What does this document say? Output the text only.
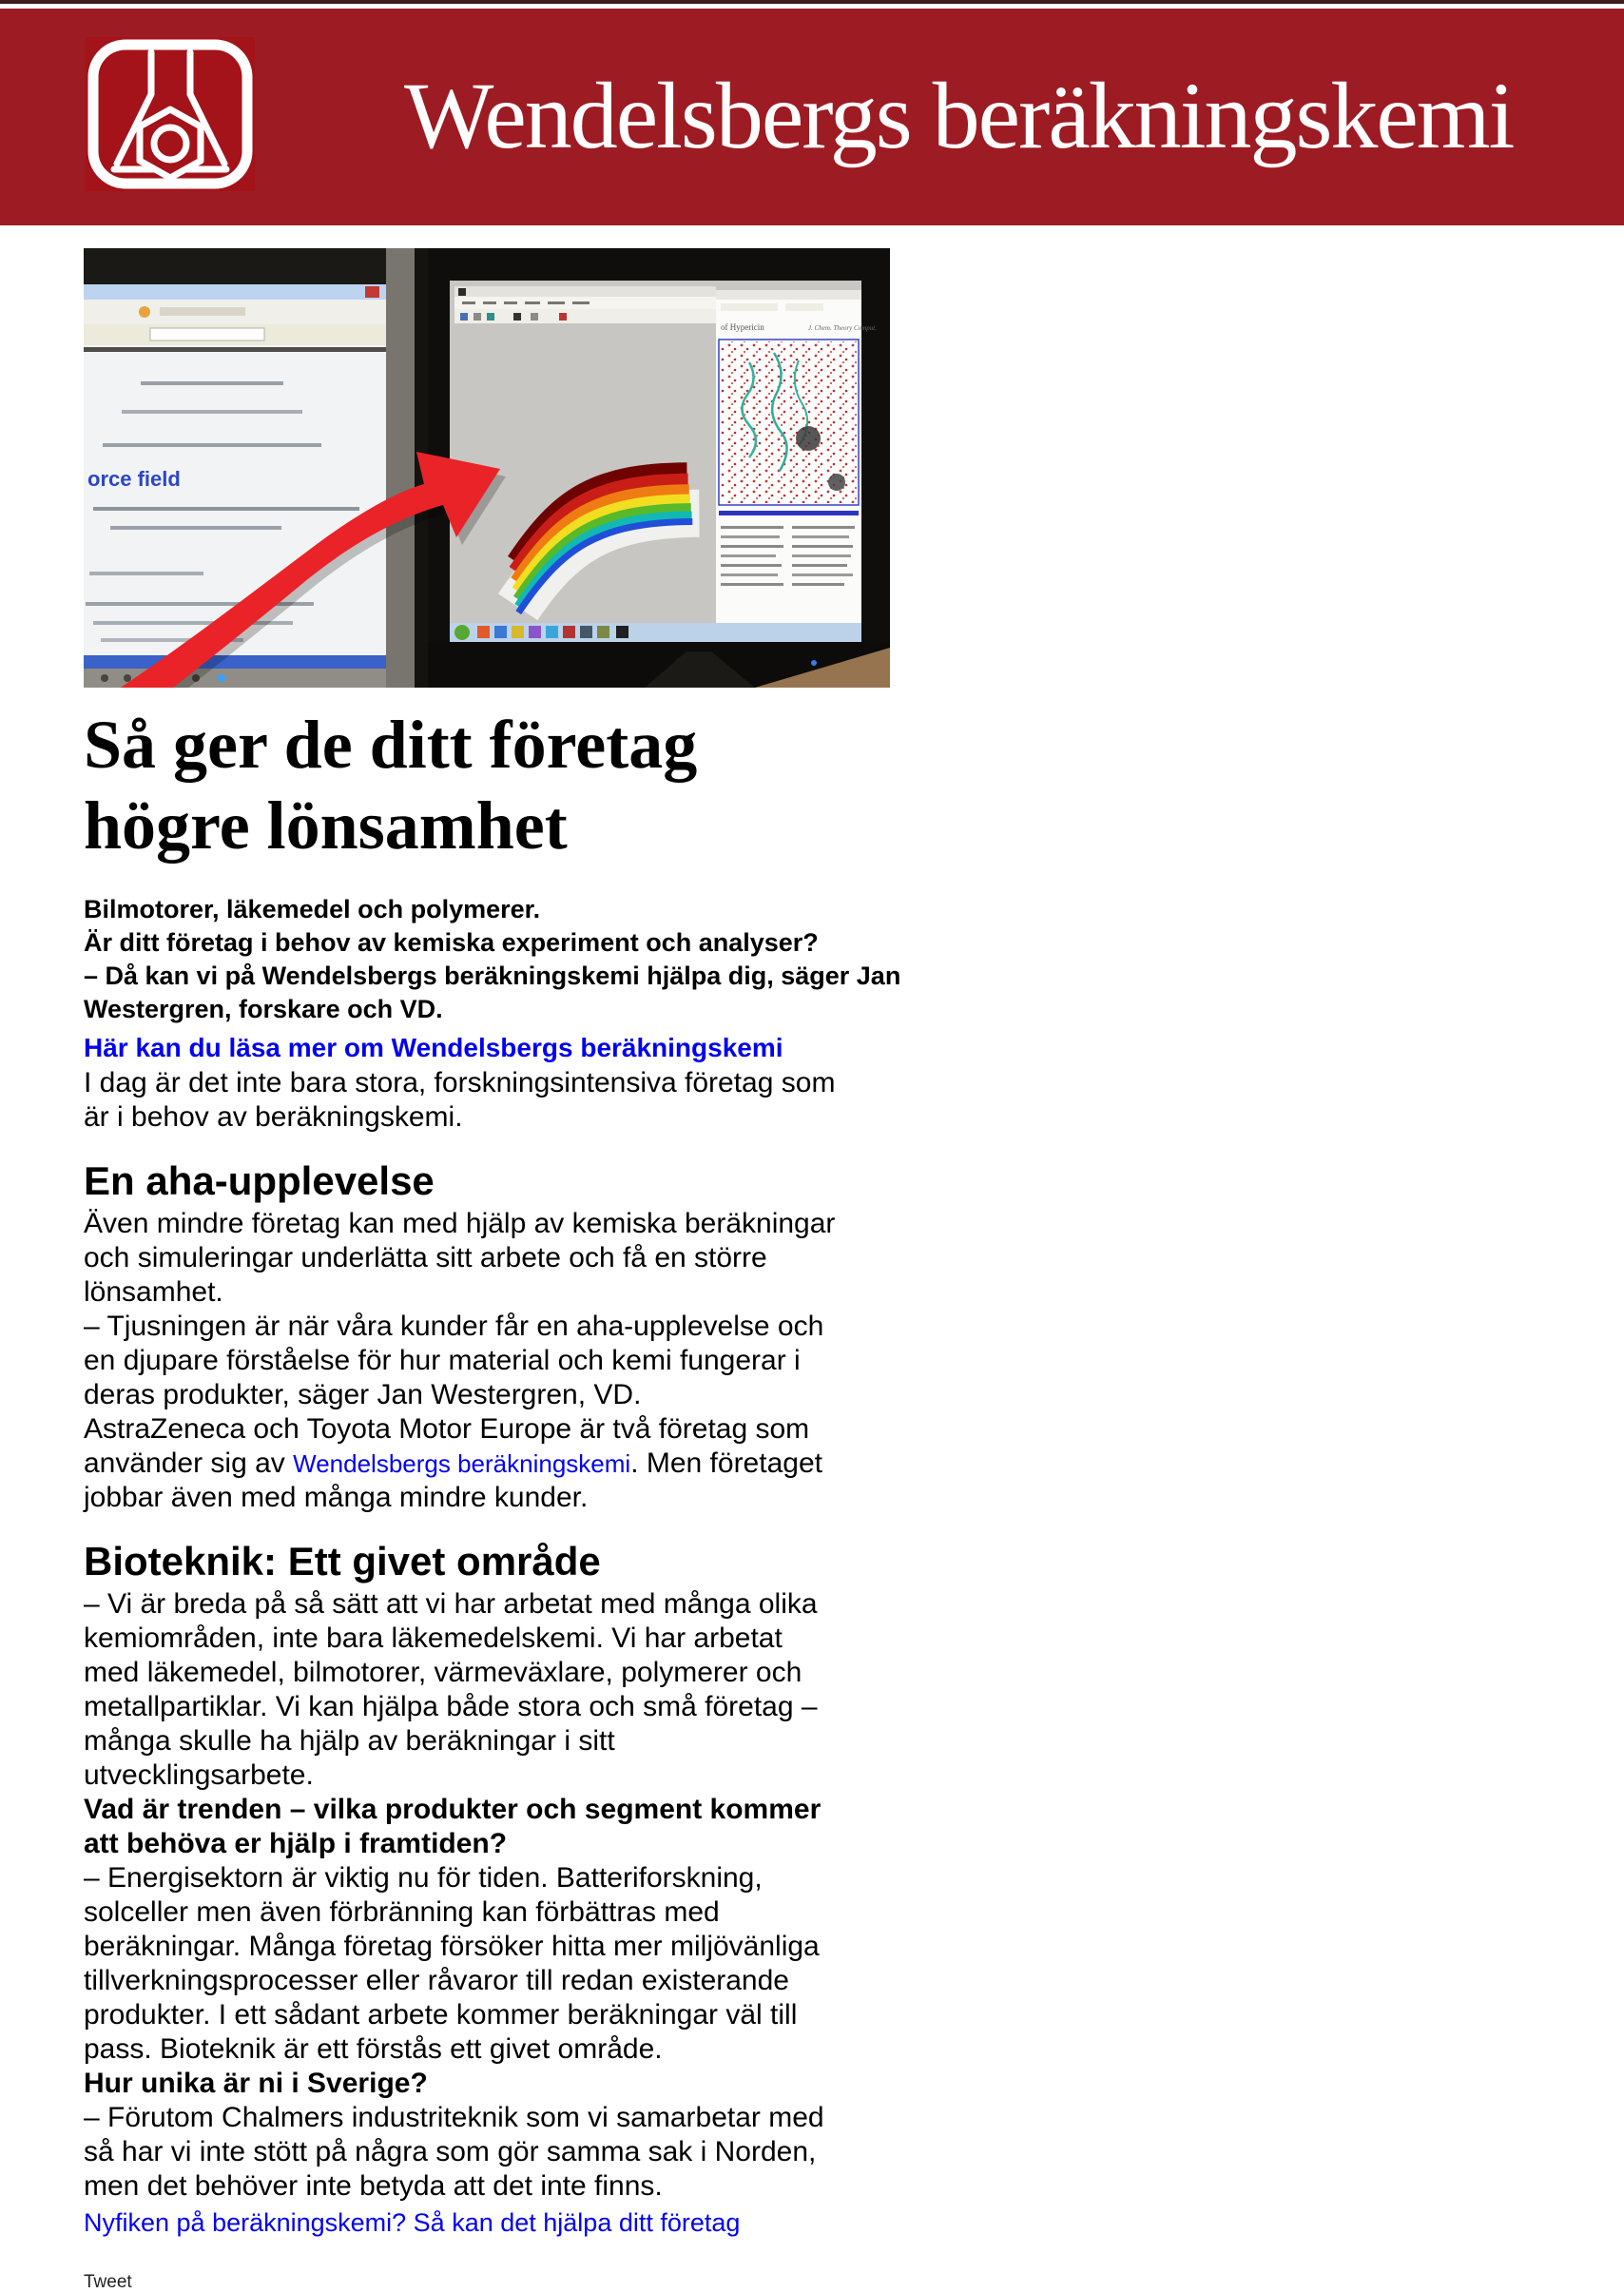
Wendelsbergs beräkningskemi
orce field
of Hypericin	J. Chem. Theory Comput.
Så ger de ditt företag
högre lönsamhet
Bilmotorer, läkemedel och polymerer.
Är ditt företag i behov av kemiska experiment och analyser?
– Då kan vi på Wendelsbergs beräkningskemi hjälpa dig, säger Jan
Westergren, forskare och VD.
Här kan du läsa mer om Wendelsbergs beräkningskemi
I dag är det inte bara stora, forskningsintensiva företag som
är i behov av beräkningskemi.
En aha-upplevelse
Även mindre företag kan med hjälp av kemiska beräkningar
och simuleringar underlätta sitt arbete och få en större
lönsamhet.
– Tjusningen är när våra kunder får en aha-upplevelse och
en djupare förståelse för hur material och kemi fungerar i
deras produkter, säger Jan Westergren, VD.
AstraZeneca och Toyota Motor Europe är två företag som
använder sig av Wendelsbergs beräkningskemi. Men företaget
jobbar även med många mindre kunder.
Bioteknik: Ett givet område
– Vi är breda på så sätt att vi har arbetat med många olika
kemiområden, inte bara läkemedelskemi. Vi har arbetat
med läkemedel, bilmotorer, värmeväxlare, polymerer och
metallpartiklar. Vi kan hjälpa både stora och små företag –
många skulle ha hjälp av beräkningar i sitt
utvecklingsarbete.
Vad är trenden – vilka produkter och segment kommer
att behöva er hjälp i framtiden?
– Energisektorn är viktig nu för tiden. Batteriforskning,
solceller men även förbränning kan förbättras med
beräkningar. Många företag försöker hitta mer miljövänliga
tillverkningsprocesser eller råvaror till redan existerande
produkter. I ett sådant arbete kommer beräkningar väl till
pass. Bioteknik är ett förstås ett givet område.
Hur unika är ni i Sverige?
– Förutom Chalmers industriteknik som vi samarbetar med
så har vi inte stött på några som gör samma sak i Norden,
men det behöver inte betyda att det inte finns.
Nyfiken på beräkningskemi? Så kan det hjälpa ditt företag
Tweet
